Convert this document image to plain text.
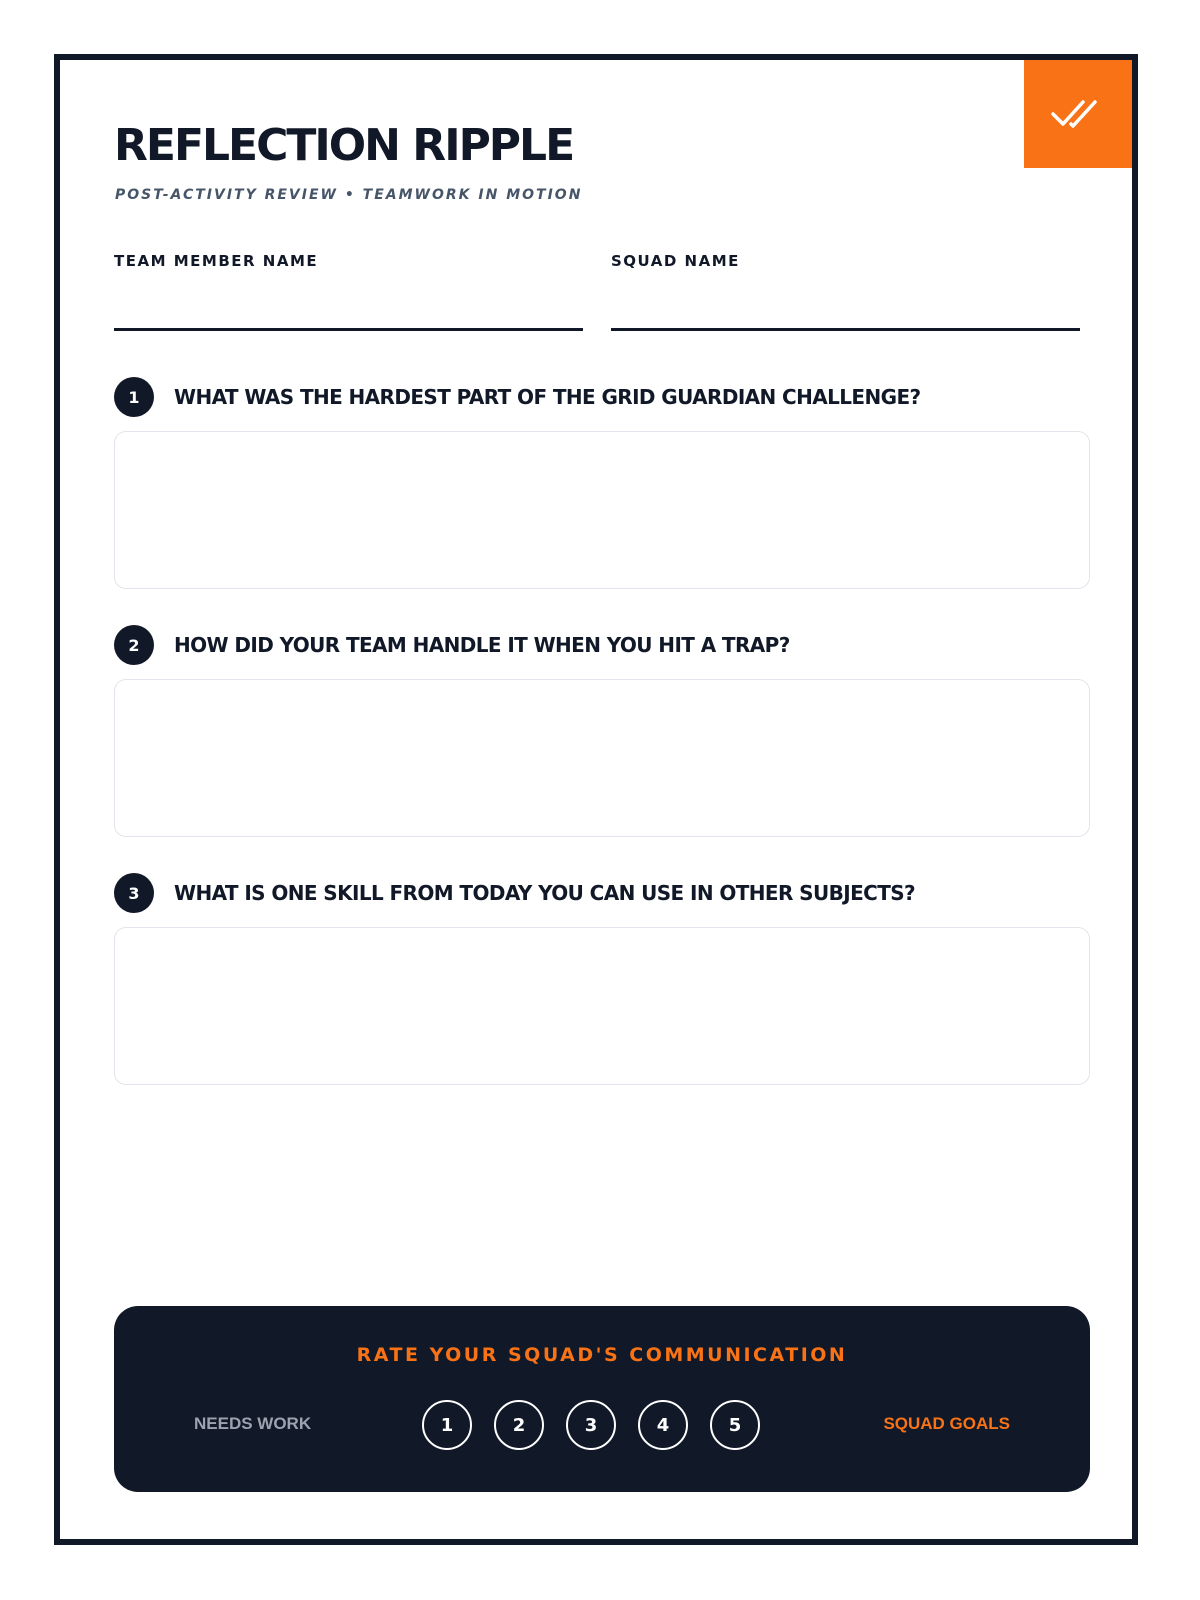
REFLECTION RIPPLE
POST-ACTIVITY REVIEW • TEAMWORK IN MOTION
TEAM MEMBER NAME	SQUAD NAME
1	WHAT WAS THE HARDEST PART OF THE GRID GUARDIAN CHALLENGE?
2	HOW DID YOUR TEAM HANDLE IT WHEN YOU HIT A TRAP?
3	WHAT IS ONE SKILL FROM TODAY YOU CAN USE IN OTHER SUBJECTS?
RATE YOUR SQUAD'S COMMUNICATION
NEEDS WORK	1	2	3	4	5	SQUAD GOALS
